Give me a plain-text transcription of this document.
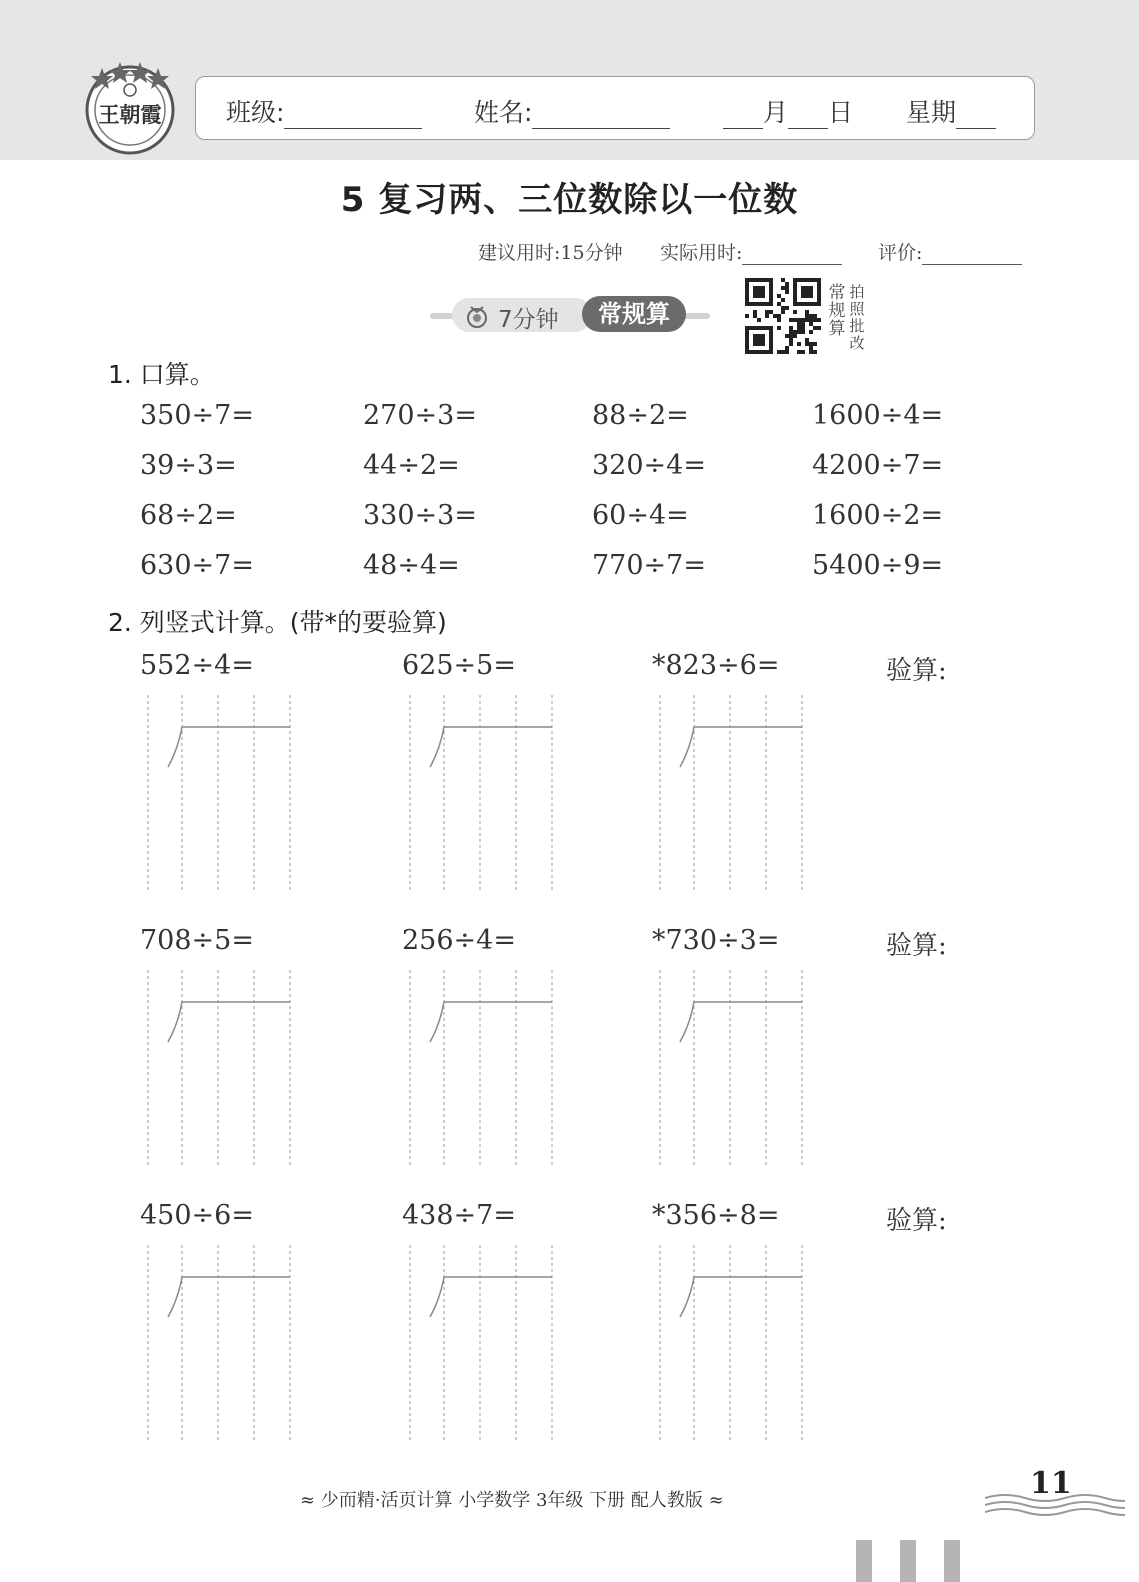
王朝霞	班级:	姓名:	月 日 星期
5 复习两、三位数除以一位数
建议用时:15分钟 实际用时:	评价:
7分钟	常规算
常规算
拍照批改
1. 口算。
350÷7=	270÷3=	88÷2=	1600÷4=
39÷3=	44÷2=	320÷4=	4200÷7=
68÷2=	330÷3=	60÷4=	1600÷2=
630÷7=	48÷4=	770÷7=	5400÷9=
2. 列竖式计算。(带*的要验算)
552÷4=	625÷5=	*823÷6=	验算:
708÷5=	256÷4=	*730÷3=	验算:
450÷6=	438÷7=	*356÷8=	验算:
≈ 少而精·活页计算 小学数学 3年级 下册 配人教版 ≈	11
